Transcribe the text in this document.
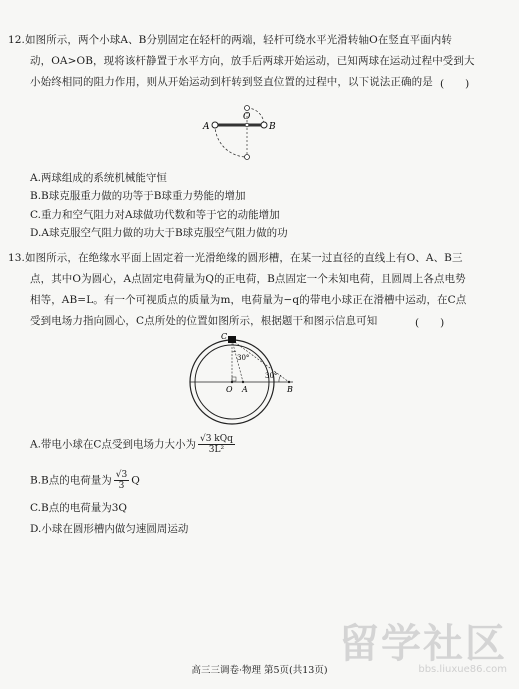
12.如图所示，两个小球A、B分别固定在轻杆的两端，轻杆可绕水平光滑转轴O在竖直平面内转
动，OA>OB，现将该杆静置于水平方向，放手后两球开始运动，已知两球在运动过程中受到大
小始终相同的阻力作用，则从开始运动到杆转到竖直位置的过程中，以下说法正确的是 (　　)
A
O
B
A.两球组成的系统机械能守恒
B.B球克服重力做的功等于B球重力势能的增加
C.重力和空气阻力对A球做功代数和等于它的动能增加
D.A球克服空气阻力做的功大于B球克服空气阻力做的功
13.如图所示，在绝缘水平面上固定着一光滑绝缘的圆形槽，在某一过直径的直线上有O、A、B三
点，其中O为圆心，A点固定电荷量为Q的正电荷，B点固定一个未知电荷，且圆周上各点电势
相等，AB=L。有一个可视质点的质量为m，电荷量为−q的带电小球正在滑槽中运动，在C点
受到电场力指向圆心，C点所处的位置如图所示，根据题干和图示信息可知	(　　)
C
30°
30°
O A	B
A.带电小球在C点受到电场力大小为 $\frac{\text{√3 kQq}}{\text{3L²}}$
B.B点的电荷量为 $\frac{√3}{3}$ Q
C.B点的电荷量为3Q
D.小球在圆形槽内做匀速圆周运动
高三三调卷·物理 第5页(共13页)
留学社区
bbs.liuxue86.com
